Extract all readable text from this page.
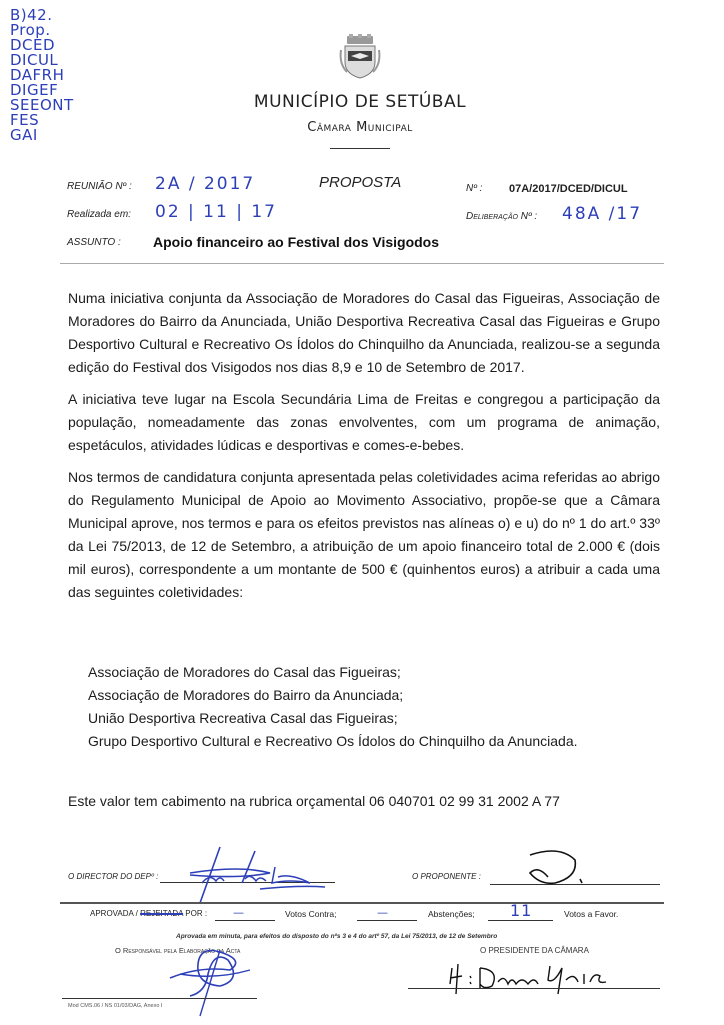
B)42.
Prop.
DCED
DICUL
DAFRH
DIGEF
SEEONT
FES
GAI
MUNICÍPIO DE SETÚBAL
Câmara Municipal
REUNIÃO Nº : 2A / 2017
Realizada em: 02 | 11 | 17
ASSUNTO : Apoio financeiro ao Festival dos Visigodos
PROPOSTA	Nº : 07A/2017/DCED/DICUL
Deliberação Nº : 48A /17

Numa iniciativa conjunta da Associação de Moradores do Casal das Figueiras, Associação de Moradores do Bairro da Anunciada, União Desportiva Recreativa Casal das Figueiras e Grupo Desportivo Cultural e Recreativo Os Ídolos do Chinquilho da Anunciada, realizou-se a segunda edição do Festival dos Visigodos nos dias 8,9 e 10 de Setembro de 2017.

A iniciativa teve lugar na Escola Secundária Lima de Freitas e congregou a participação da população, nomeadamente das zonas envolventes, com um programa de animação, espetáculos, atividades lúdicas e desportivas e comes-e-bebes.

Nos termos de candidatura conjunta apresentada pelas coletividades acima referidas ao abrigo do Regulamento Municipal de Apoio ao Movimento Associativo, propõe-se que a Câmara Municipal aprove, nos termos e para os efeitos previstos nas alíneas o) e u) do nº 1 do art.º 33º da Lei 75/2013, de 12 de Setembro, a atribuição de um apoio financeiro total de 2.000 € (dois mil euros), correspondente a um montante de 500 € (quinhentos euros) a atribuir a cada uma das seguintes coletividades:

Associação de Moradores do Casal das Figueiras;
Associação de Moradores do Bairro da Anunciada;
União Desportiva Recreativa Casal das Figueiras;
Grupo Desportivo Cultural e Recreativo Os Ídolos do Chinquilho da Anunciada.
Este valor tem cabimento na rubrica orçamental 06 040701 02 99 31 2002 A 77
O DIRECTOR DO DEPº :	O PROPONENTE :
APROVADA / REJEITADA POR : —	Votos Contra;	—	Abstenções; 11	Votos a Favor.
Aprovada em minuta, para efeitos do disposto do nºs 3 e 4 do artº 57, da Lei 75/2013, de 12 de Setembro
O Responsável pela Elaboração da Acta	O PRESIDENTE DA CÂMARA
Mod CMS.06 / NS 01/03/DAG, Anexo I
